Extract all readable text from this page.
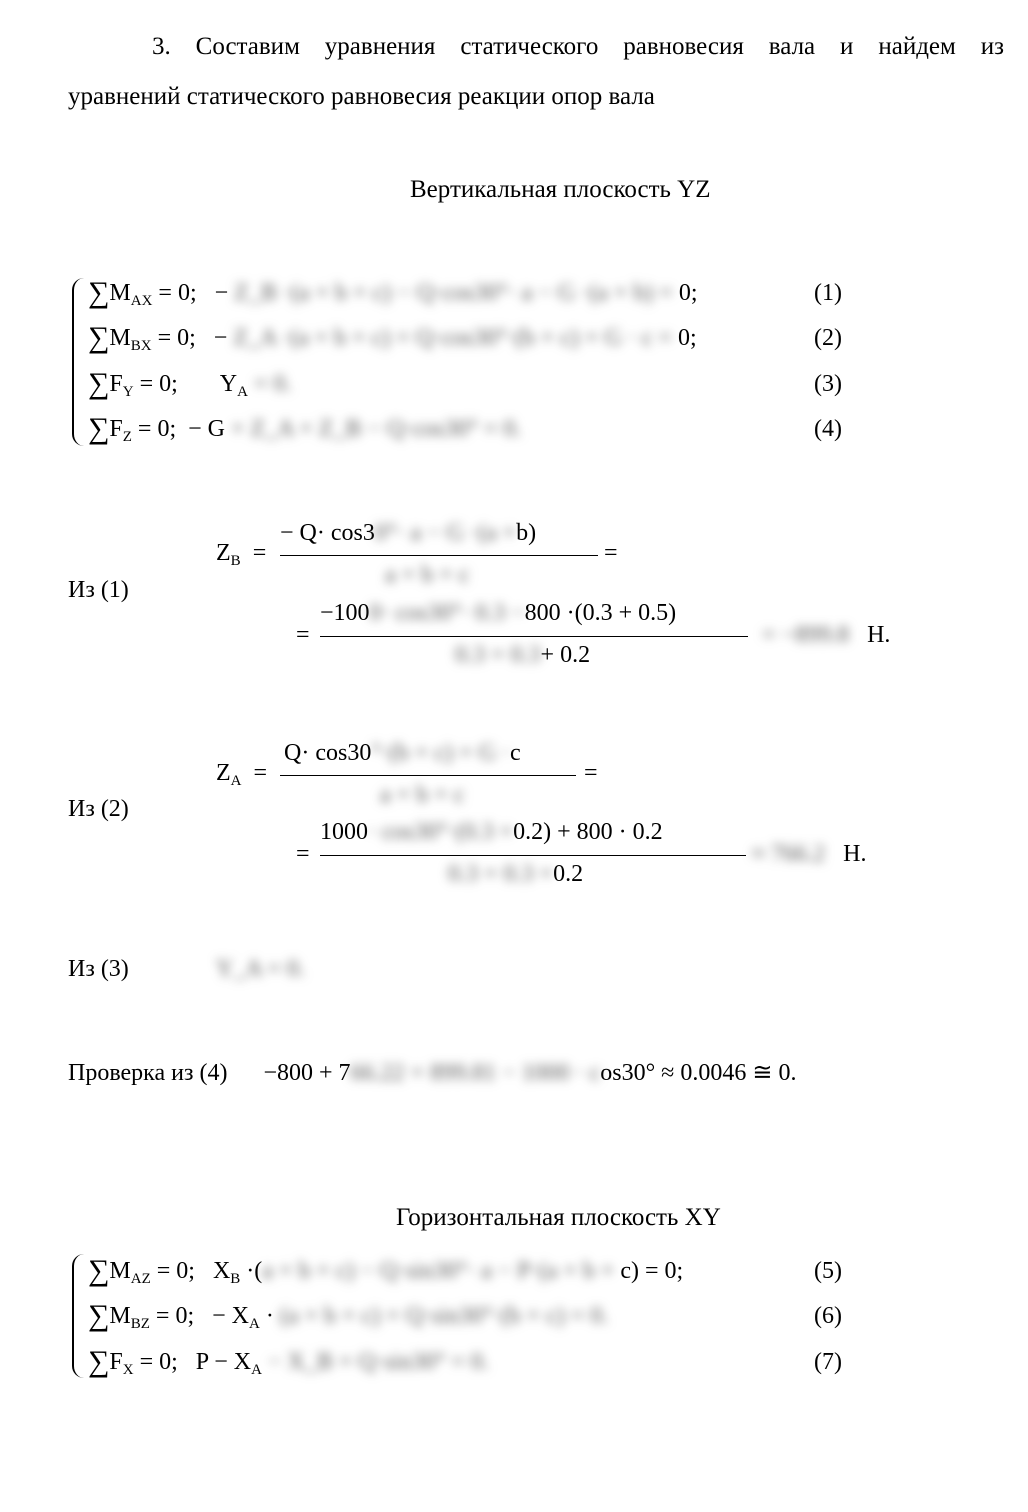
3. Составим уравнения статического равновесия вала и найдем из
уравнений статического равновесия реакции опор вала
Вертикальная плоскость YZ
$\sum M_{AX} = 0$; − Z_B ·(a + b + c) − Q·cos30°· a − G ·(a + b) = 0;	(1)
$\sum M_{BX} = 0$; − Z_A ·(a + b + c) + Q·cos30°·(b + c) + G · c = 0;	(2)
$\sum F_Y = 0$; $Y_A = 0$.	(3)
$\sum F_Z = 0$; − G + Z_A + Z_B − Q·cos30° = 0.	(4)
Из (1)
$Z_B$ =
− Q· cos30°· a − G ·(a +b)
a + b + c
=
=
−1000· cos30°· 0.3 −800 ·(0.3 + 0.5)
0.3 + 0.3+ 0.2
= −899.8 Н.
Из (2)
$Z_A$ =
Q· cos30°·(b + c) + G ·c
a + b + c
=
=
1000· cos30°·(0.3 +0.2) + 800 · 0.2
0.3 + 0.3 +0.2
≈ 766.2 Н.
Из (3)	Y_A = 0.
Проверка из (4) −800 + 766.22 + 899.81 − 1000 · cos30° ≈ 0.0046 ≅ 0.
Горизонтальная плоскость XY
$\sum M_{AZ} = 0$; $X_B \cdot(a + b + c) - Q\cdot\sin 30^\circ\cdot a - P\cdot(a + b + c) = 0$;	(5)
$\sum M_{BZ} = 0$; − $X_A \cdot (a + b + c) + Q\cdot\sin 30^\circ\cdot(b + c) = 0$.	(6)
$\sum F_X = 0$; $P - X_A$ − X_B + Q·sin30° = 0.	(7)
